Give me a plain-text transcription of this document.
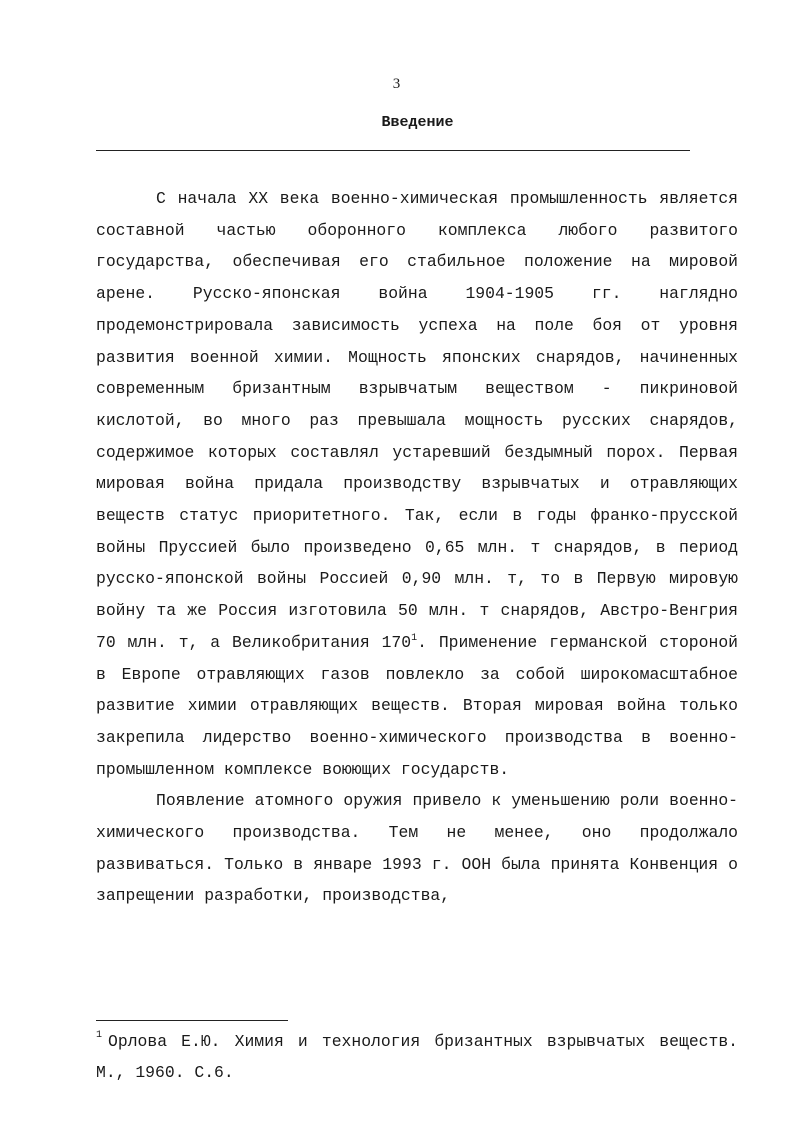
3
Введение

С начала XX века военно-химическая промышленность является составной частью оборонного комплекса любого развитого государства, обеспечивая его стабильное положение на мировой арене. Русско-японская война 1904-1905 гг. наглядно продемонстрировала зависимость успеха на поле боя от уровня развития военной химии. Мощность японских снарядов, начиненных современным бризантным взрывчатым веществом - пикриновой кислотой, во много раз превышала мощность русских снарядов, содержимое которых составлял устаревший бездымный порох. Первая мировая война придала производству взрывчатых и отравляющих веществ статус приоритетного. Так, если в годы франко-прусской войны Пруссией было произведено 0,65 млн. т снарядов, в период русско-японской войны Россией 0,90 млн. т, то в Первую мировую войну та же Россия изготовила 50 млн. т снарядов, Австро-Венгрия 70 млн. т, а Великобритания $170^1$. Применение германской стороной в Европе отравляющих газов повлекло за собой широкомасштабное развитие химии отравляющих веществ. Вторая мировая война только закрепила лидерство военно-химического производства в военно-промышленном комплексе воюющих государств.

Появление атомного оружия привело к уменьшению роли военно-химического производства. Тем не менее, оно продолжало развиваться. Только в январе 1993 г. ООН была принята Конвенция о запрещении разработки, производства,

$^1$ Орлова Е.Ю. Химия и технология бризантных взрывчатых веществ. М., 1960. С.6.
